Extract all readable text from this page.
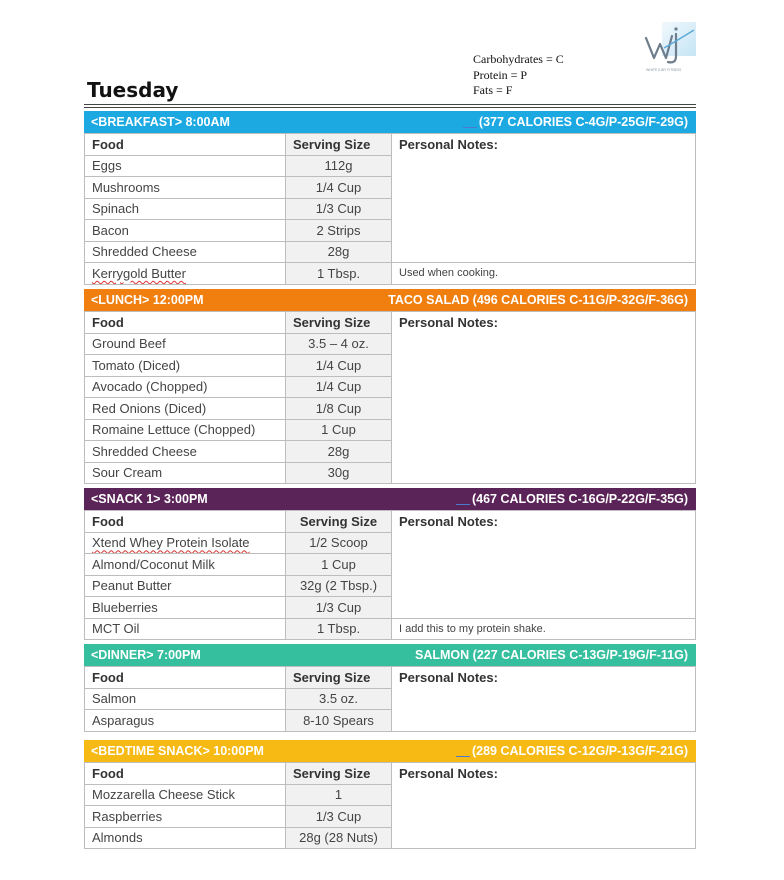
Carbohydrates = C
Protein = P
Fats = F
WHITE JUDY FITNESS
Tuesday
<BREAKFAST> 8:00AM	(377 CALORIES C-4G/P-25G/F-29G)
Food	Serving Size	Personal Notes:
Eggs	112g	
Mushrooms	1/4 Cup	
Spinach	1/3 Cup	
Bacon	2 Strips	
Shredded Cheese	28g	
Kerrygold Butter	1 Tbsp.	Used when cooking.
<LUNCH> 12:00PM	TACO SALAD (496 CALORIES C-11G/P-32G/F-36G)
Food	Serving Size	Personal Notes:
Ground Beef	3.5 – 4 oz.	
Tomato (Diced)	1/4 Cup	
Avocado (Chopped)	1/4 Cup	
Red Onions (Diced)	1/8 Cup	
Romaine Lettuce (Chopped)	1 Cup	
Shredded Cheese	28g	
Sour Cream	30g	
<SNACK 1> 3:00PM	(467 CALORIES C-16G/P-22G/F-35G)
Food	Serving Size	Personal Notes:
Xtend Whey Protein Isolate	1/2 Scoop	
Almond/Coconut Milk	1 Cup	
Peanut Butter	32g (2 Tbsp.)	
Blueberries	1/3 Cup	
MCT Oil	1 Tbsp.	I add this to my protein shake.
<DINNER> 7:00PM	SALMON (227 CALORIES C-13G/P-19G/F-11G)
Food	Serving Size	Personal Notes:
Salmon	3.5 oz.	
Asparagus	8-10 Spears	
<BEDTIME SNACK> 10:00PM	(289 CALORIES C-12G/P-13G/F-21G)
Food	Serving Size	Personal Notes:
Mozzarella Cheese Stick	1	
Raspberries	1/3 Cup	
Almonds	28g (28 Nuts)	
